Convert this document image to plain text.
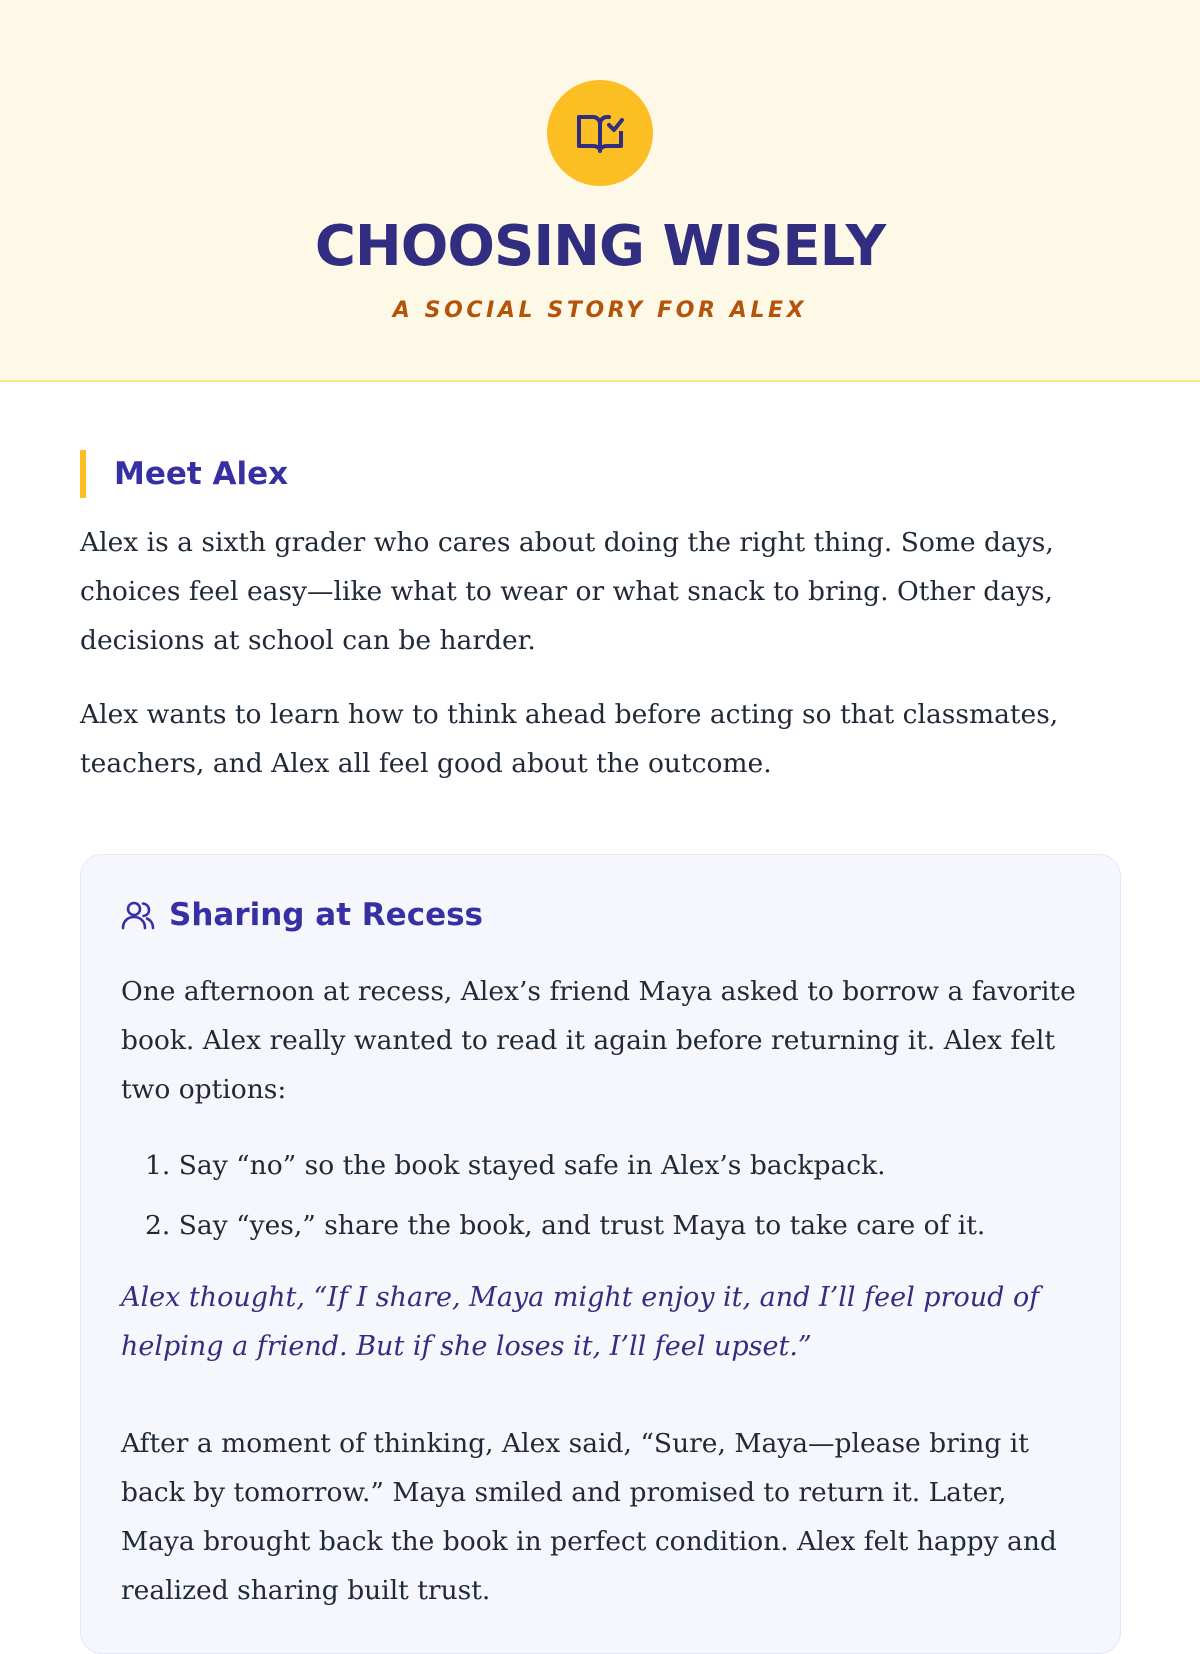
CHOOSING WISELY
A SOCIAL STORY FOR ALEX
Meet Alex

Alex is a sixth grader who cares about doing the right thing. Some days, choices feel easy—like what to wear or what snack to bring. Other days, decisions at school can be harder.

Alex wants to learn how to think ahead before acting so that classmates, teachers, and Alex all feel good about the outcome.

Sharing at Recess

One afternoon at recess, Alex’s friend Maya asked to borrow a favorite book. Alex really wanted to read it again before returning it. Alex felt two options:

1. Say “no” so the book stayed safe in Alex’s backpack.
2. Say “yes,” share the book, and trust Maya to take care of it.

Alex thought, “If I share, Maya might enjoy it, and I’ll feel proud of helping a friend. But if she loses it, I’ll feel upset.”

After a moment of thinking, Alex said, “Sure, Maya—please bring it back by tomorrow.” Maya smiled and promised to return it. Later, Maya brought back the book in perfect condition. Alex felt happy and realized sharing built trust.
